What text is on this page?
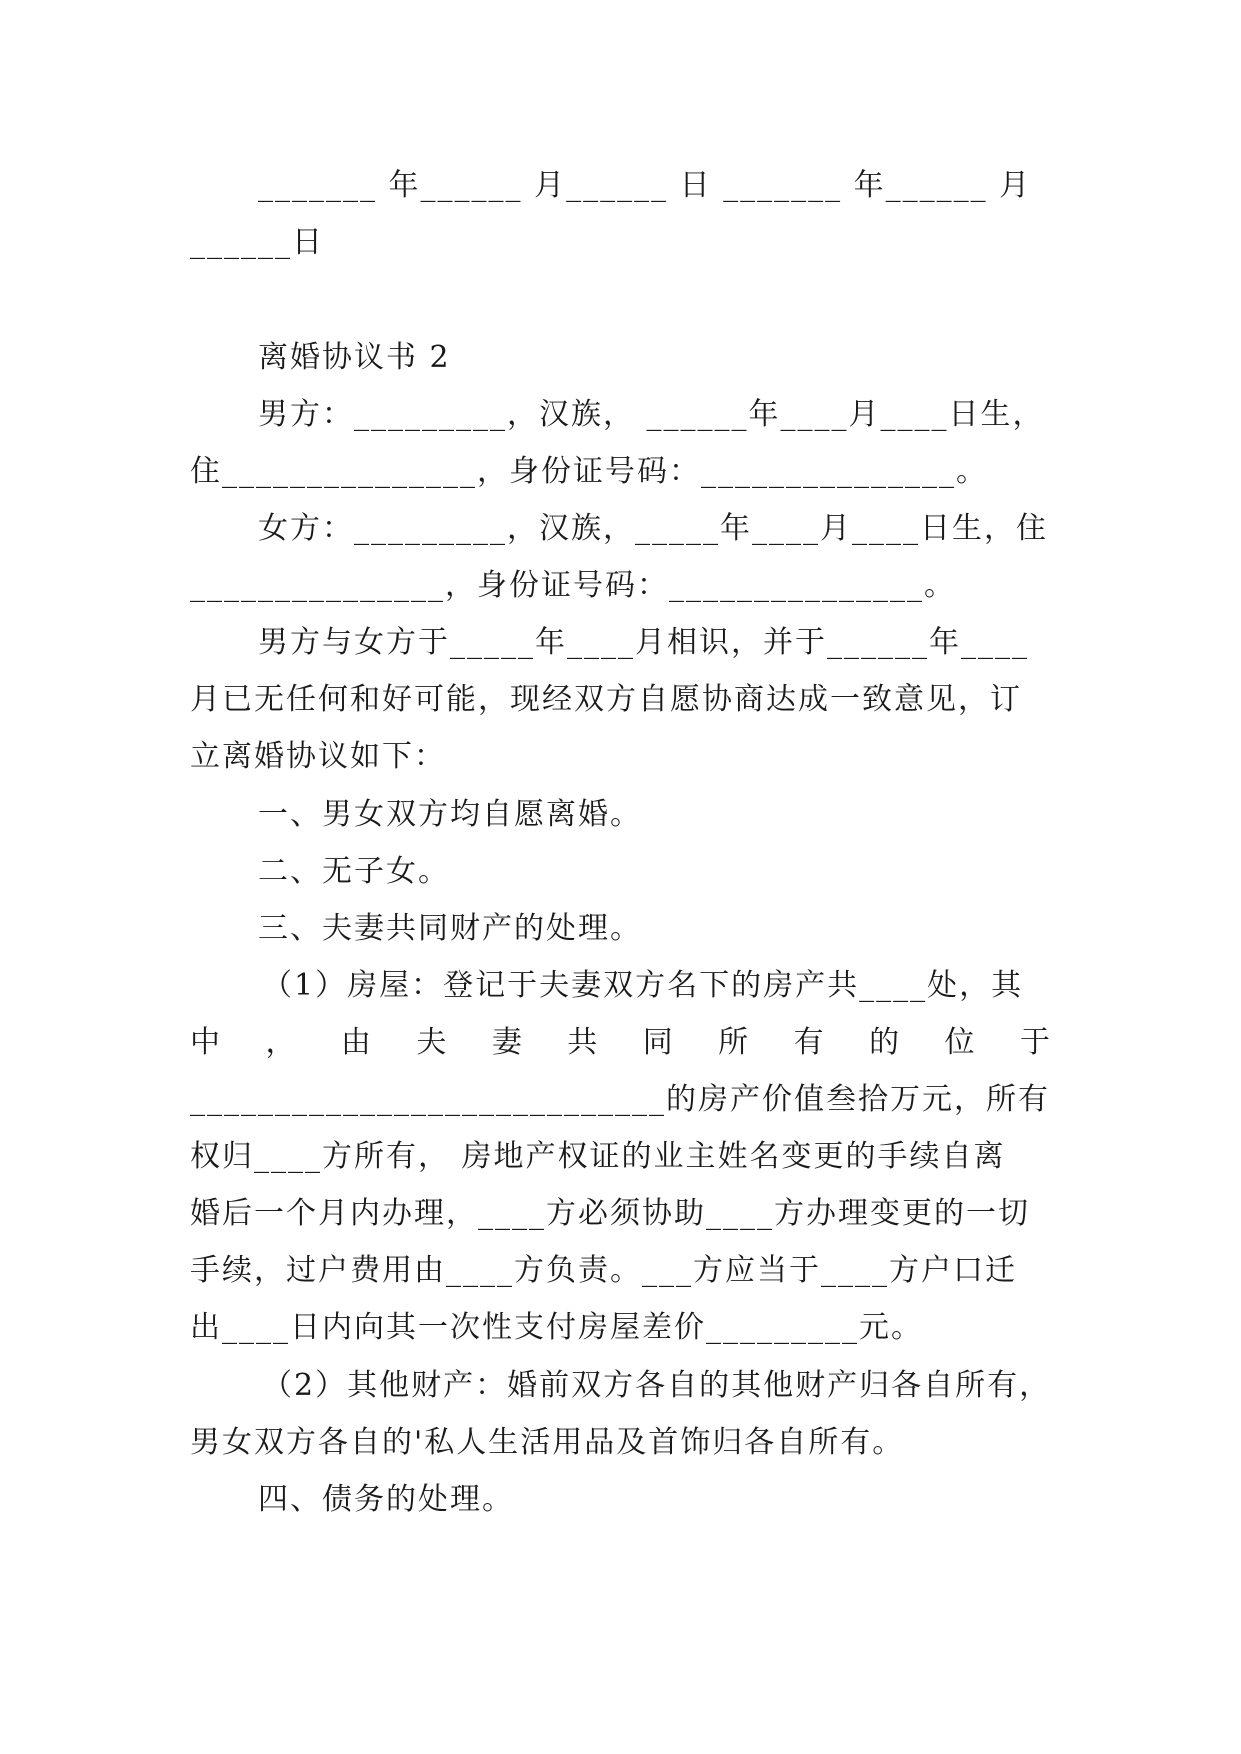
_______ 年______ 月______ 日 _______ 年______ 月
______日
离婚协议书 2
男方：_________，汉族， ______年____月____日生，
住_______________，身份证号码：_______________。
女方：_________，汉族，_____年____月____日生，住
_______________，身份证号码：_______________。
男方与女方于_____年____月相识，并于______年____
月已无任何和好可能，现经双方自愿协商达成一致意见，订
立离婚协议如下：
一、男女双方均自愿离婚。
二、无子女。
三、夫妻共同财产的处理。
（1）房屋：登记于夫妻双方名下的房产共____处，其
中 ， 由 夫 妻 共 同 所 有 的 位 于
____________________________的房产价值叁拾万元，所有
权归____方所有， 房地产权证的业主姓名变更的手续自离
婚后一个月内办理，____方必须协助____方办理变更的一切
手续，过户费用由____方负责。___方应当于____方户口迁
出____日内向其一次性支付房屋差价_________元。
（2）其他财产：婚前双方各自的其他财产归各自所有，
男女双方各自的'私人生活用品及首饰归各自所有。
四、债务的处理。
